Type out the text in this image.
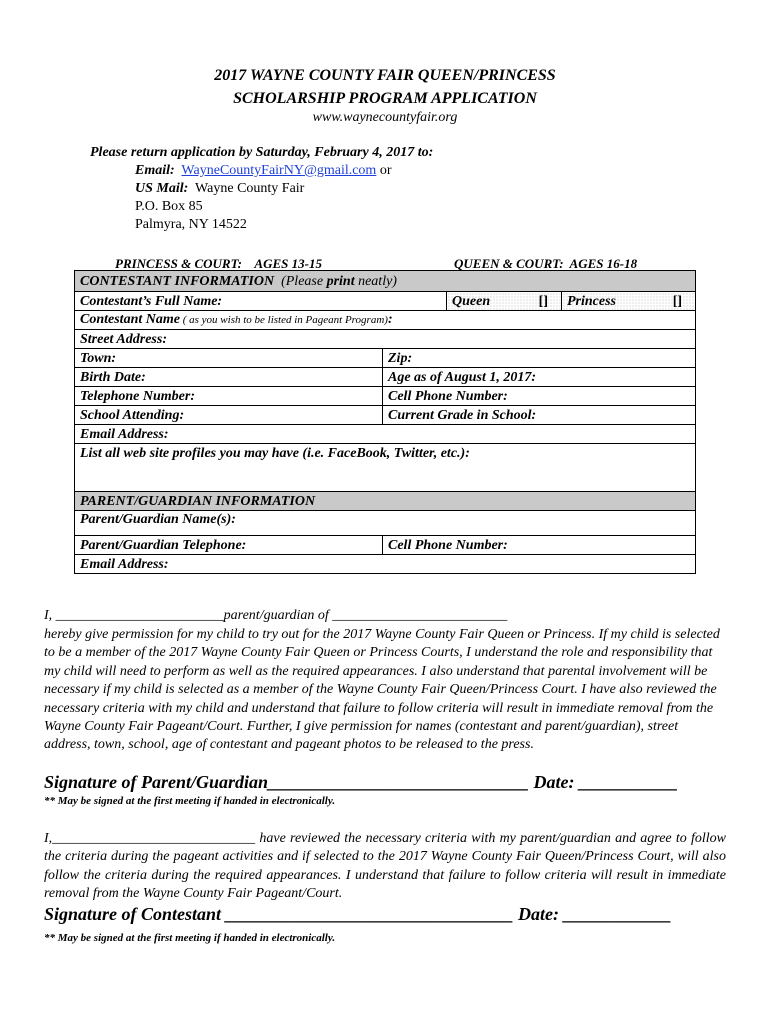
2017 WAYNE COUNTY FAIR QUEEN/PRINCESS
SCHOLARSHIP PROGRAM APPLICATION
www.waynecountyfair.org
Please return application by Saturday, February 4, 2017 to:
Email: WayneCountyFairNY@gmail.com or
US Mail: Wayne County Fair
P.O. Box 85
Palmyra, NY 14522
PRINCESS & COURT:    AGES 13-15	QUEEN & COURT:  AGES 16-18
CONTESTANT INFORMATION (Please print neatly)			
Contestant’s Full Name:		Queen []	Princess []

Contestant Name ( as you wish to be listed in Pageant Program):			
Street Address:			
Town:	Zip:		
Birth Date:	Age as of August 1, 2017:		
Telephone Number:	Cell Phone Number:		
School Attending:	Current Grade in School:		
Email Address:			
List all web site profiles you may have (i.e. FaceBook, Twitter, etc.):			
PARENT/GUARDIAN INFORMATION			
Parent/Guardian Name(s):			
Parent/Guardian Telephone:	Cell Phone Number:		
Email Address:			
I, ________________________parent/guardian of _________________________
hereby give permission for my child to try out for the 2017 Wayne County Fair Queen or Princess. If my child is selected to be a member of the 2017 Wayne County Fair Queen or Princess Courts, I understand the role and responsibility that my child will need to perform as well as the required appearances. I also understand that parental involvement will be necessary if my child is selected as a member of the Wayne County Fair Queen/Princess Court. I have also reviewed the necessary criteria with my child and understand that failure to follow criteria will result in immediate removal from the Wayne County Fair Pageant/Court. Further, I give permission for names (contestant and parent/guardian), street address, town, school, age of contestant and pageant photos to be released to the press.
Signature of Parent/Guardian_____________________________ Date: ___________
** May be signed at the first meeting if handed in electronically.
I,_____________________________ have reviewed the necessary criteria with my parent/guardian and agree to follow the criteria during the pageant activities and if selected to the 2017 Wayne County Fair Queen/Princess Court, will also follow the criteria during the required appearances. I understand that failure to follow criteria will result in immediate removal from the Wayne County Fair Pageant/Court.
Signature of Contestant ________________________________ Date: ____________
** May be signed at the first meeting if handed in electronically.
